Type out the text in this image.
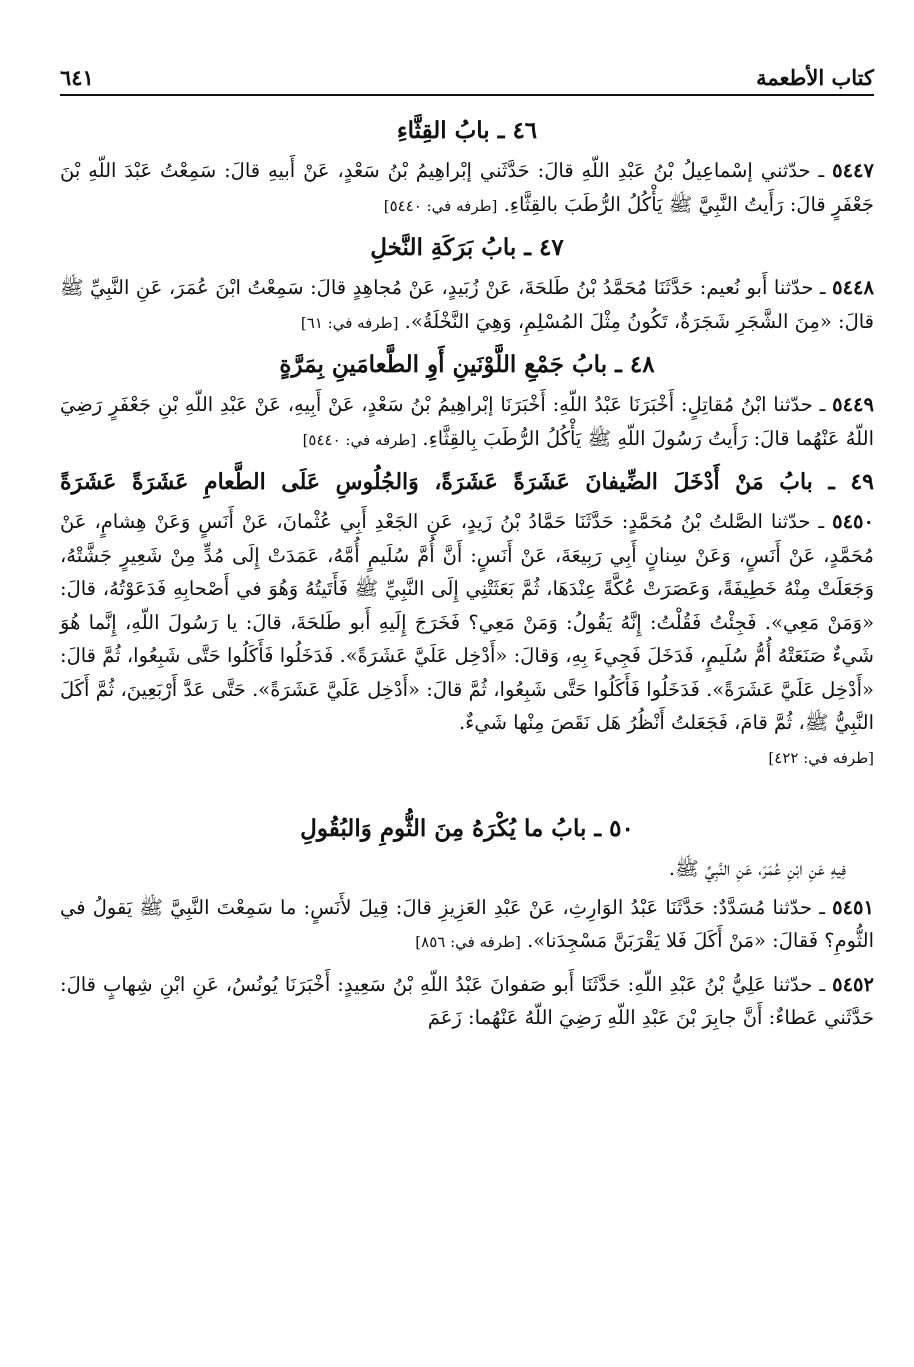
كتاب الأطعمة
٦٤١
٤٦ ـ بابُ القِثَّاءِ

٥٤٤٧ ـ حدّثني إسْماعِيلُ بْنُ عَبْدِ اللّهِ قالَ: حَدَّثَني إبْراهِيمُ بْنُ سَعْدٍ، عَنْ أَبيهِ قالَ: سَمِعْتُ عَبْدَ اللّهِ بْنَ جَعْفَرٍ قالَ: رَأَيتُ النَّبِيَّ ﷺ يَأْكُلُ الرُّطَبَ بالقِثَّاءِ. [طرفه في: ٥٤٤٠]

٤٧ ـ بابُ بَرَكَةِ النَّخلِ

٥٤٤٨ ـ حدّثنا أَبو نُعيم: حَدَّثَنَا مُحَمَّدُ بْنُ طَلحَةَ، عَنْ زُبَيدٍ، عَنْ مُجاهِدٍ قالَ: سَمِعْتُ ابْنَ عُمَرَ، عَنِ النَّبِيِّ ﷺ قالَ: «مِنَ الشَّجَرِ شَجَرَةٌ، تَكُونُ مِثْلَ المُسْلِمِ، وَهِيَ النَّخْلَةُ». [طرفه في: ٦١]

٤٨ ـ بابُ جَمْعِ اللَّوْنَينِ أَوِ الطَّعامَينِ بِمَرَّةٍ

٥٤٤٩ ـ حدّثنا ابْنُ مُقاتِلٍ: أَخْبَرَنَا عَبْدُ اللّهِ: أَخْبَرَنَا إبْراهِيمُ بْنُ سَعْدٍ، عَنْ أَبِيهِ، عَنْ عَبْدِ اللّهِ بْنِ جَعْفَرٍ رَضِيَ اللّهُ عَنْهُما قالَ: رَأَيتُ رَسُولَ اللّهِ ﷺ يَأْكُلُ الرُّطَبَ بِالقِثَّاءِ. [طرفه في: ٥٤٤٠]

٤٩ ـ بابُ مَنْ أَدْخَلَ الضِّيفانَ عَشَرَةً عَشَرَةً، وَالجُلُوسِ عَلَى الطَّعامِ عَشَرَةً عَشَرَةً

٥٤٥٠ ـ حدّثنا الصَّلتُ بْنُ مُحَمَّدٍ: حَدَّثَنَا حَمَّادُ بْنُ زَيدٍ، عَنِ الجَعْدِ أَبِي عُثْمانَ، عَنْ أَنَسٍ وَعَنْ هِشامٍ، عَنْ مُحَمَّدٍ، عَنْ أَنَسٍ، وَعَنْ سِنانٍ أَبِي رَبِيعَةَ، عَنْ أَنَسٍ: أَنَّ أُمَّ سُلَيمٍ أُمَّهُ، عَمَدَتْ إِلَى مُدٍّ مِنْ شَعِيرٍ جَشَّتْهُ، وَجَعَلَتْ مِنْهُ خَطِيفَةً، وَعَصَرَتْ عُكَّةً عِنْدَهَا، ثُمَّ بَعَثَتْنِي إِلَى النَّبِيِّ ﷺ فَأَتَيتُهُ وَهُوَ في أَصْحابِهِ فَدَعَوْتُهُ، قالَ: «وَمَنْ مَعِي». فَجِئْتُ فَقُلْتُ: إِنَّهُ يَقُولُ: وَمَنْ مَعِي؟ فَخَرَجَ إِلَيهِ أَبو طَلحَةَ، قالَ: يا رَسُولَ اللّهِ، إِنَّما هُوَ شَيءٌ صَنَعَتْهُ أُمُّ سُلَيمٍ، فَدَخَلَ فَجِيءَ بِهِ، وَقالَ: «أَدْخِل عَلَيَّ عَشَرَةً». فَدَخَلُوا فَأَكَلُوا حَتَّى شَبِعُوا، ثُمَّ قالَ: «أَدْخِل عَلَيَّ عَشَرَةً». فَدَخَلُوا فَأَكَلُوا حَتَّى شَبِعُوا، ثُمَّ قالَ: «أَدْخِل عَلَيَّ عَشَرَةً». حَتَّى عَدَّ أَرْبَعِينَ، ثُمَّ أَكَلَ النَّبِيُّ ﷺ، ثُمَّ قامَ، فَجَعَلتُ أَنْظُرُ هَل نَقَصَ مِنْها شَيءٌ.

[طرفه في: ٤٢٢]
٥٠ ـ بابُ ما يُكْرَهُ مِنَ الثُّومِ وَالبُقُولِ
فِيهِ عَنِ ابْنِ عُمَرَ، عَنِ النَّبِيِّ ﷺ.

٥٤٥١ ـ حدّثنا مُسَدَّدٌ: حَدَّثَنَا عَبْدُ الوَارِثِ، عَنْ عَبْدِ العَزِيزِ قالَ: قِيلَ لأَنَسٍ: ما سَمِعْتَ النَّبِيَّ ﷺ يَقولُ في الثُّومِ؟ فَقالَ: «مَنْ أَكَلَ فَلا يَقْرَبَنَّ مَسْجِدَنا». [طرفه في: ٨٥٦]

٥٤٥٢ ـ حدّثنا عَلِيُّ بْنُ عَبْدِ اللّهِ: حَدَّثَنَا أَبو صَفوانَ عَبْدُ اللّهِ بْنُ سَعِيدٍ: أَخْبَرَنَا يُونُسُ، عَنِ ابْنِ شِهابٍ قالَ: حَدَّثَني عَطاءٌ: أَنَّ جابِرَ بْنَ عَبْدِ اللّهِ رَضِيَ اللّهُ عَنْهُما: زَعَمَ
